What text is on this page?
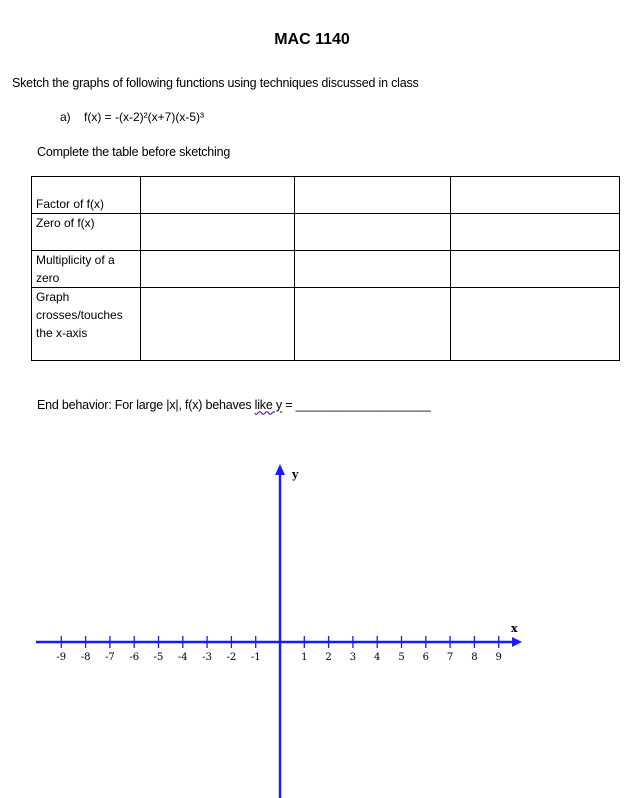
MAC 1140
Sketch the graphs of following functions using techniques discussed in class
a) f(x) = -(x-2)²(x+7)(x-5)³
Complete the table before sketching
Factor of f(x)			
Zero of f(x)			
Multiplicity of a zero			
Graph crosses/touches the x-axis			
End behavior: For large |x|, f(x) behaves like y = ____________________
-9 -8 -7 -6 -5 -4 -3 -2 -1	1 2 3 4 5 6 7 8 9
y
x
